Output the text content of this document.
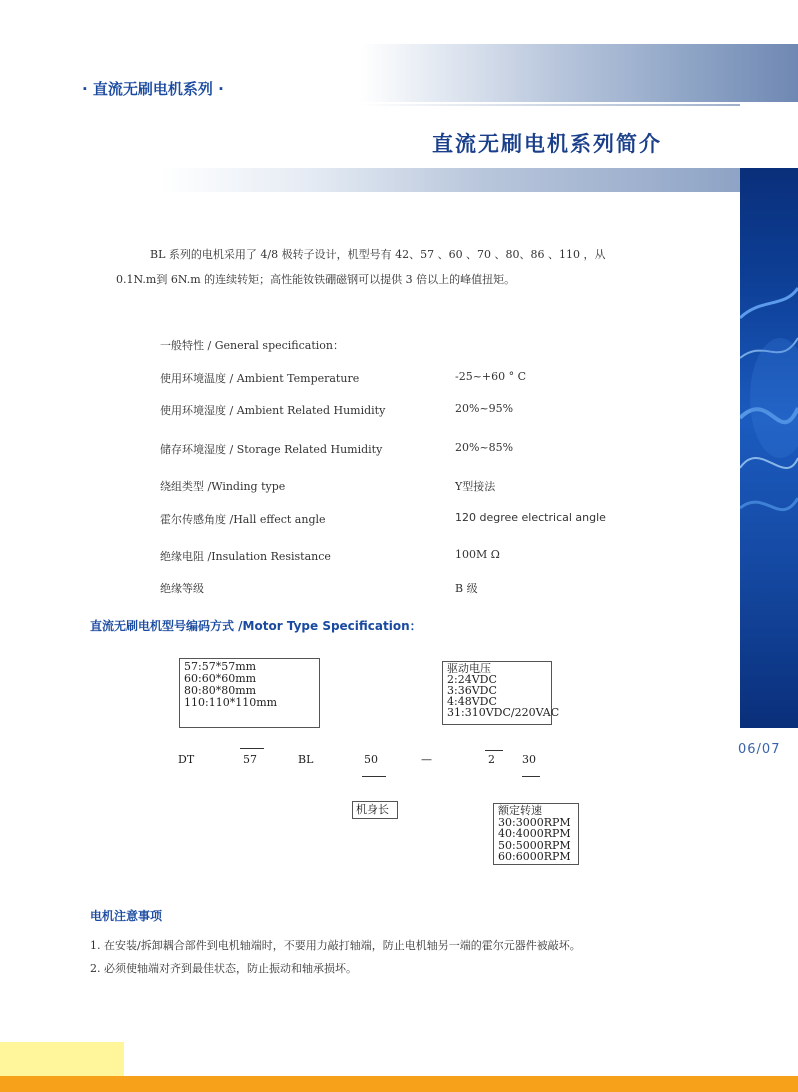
· 直流无刷电机系列 ·
直流无刷电机系列简介
06/07
BL 系列的电机采用了 4/8 极转子设计，机型号有 42、57 、60 、70 、80、86 、110 ，从
0.1N.m到 6N.m 的连续转矩；高性能钕铁硼磁钢可以提供 3 倍以上的峰值扭矩。
一般特性 / General specification：
使用环境温度 / Ambient Temperature	-25~+60 ° C
使用环境湿度 / Ambient Related Humidity	20%~95%
储存环境湿度 / Storage Related Humidity	20%~85%
绕组类型 /Winding type	Y型接法
霍尔传感角度 /Hall effect angle	120 degree electrical angle
绝缘电阻 /Insulation Resistance	100M Ω
绝缘等级	B 级
直流无刷电机型号编码方式 /Motor Type Specification：
57:57*57mm
60:60*60mm
80:80*80mm
110:110*110mm
驱动电压
2:24VDC
3:36VDC
4:48VDC
31:310VDC/220VAC
DT	57	BL	50	—	2 30
机身长	额定转速
30:3000RPM
40:4000RPM
50:5000RPM
60:6000RPM
电机注意事项
1. 在安装/拆卸耦合部件到电机轴端时，不要用力敲打轴端，防止电机轴另一端的霍尔元器件被敲坏。
2. 必须使轴端对齐到最佳状态，防止振动和轴承损坏。
